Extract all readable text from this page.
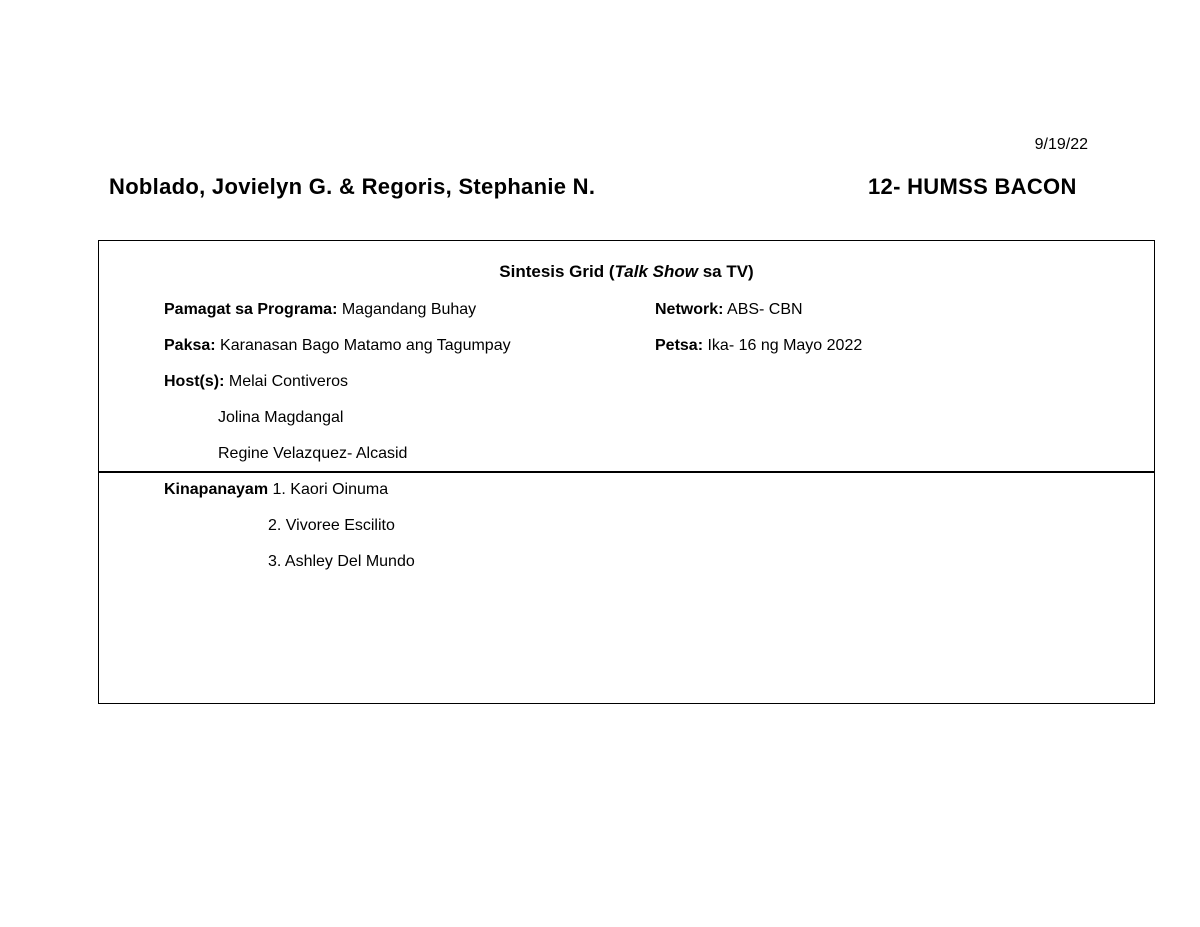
9/19/22
Noblado, Jovielyn G. & Regoris, Stephanie N.	12- HUMSS BACON
Sintesis Grid (Talk Show sa TV)
Pamagat sa Programa: Magandang Buhay	Network: ABS- CBN
Paksa: Karanasan Bago Matamo ang Tagumpay	Petsa: Ika- 16 ng Mayo 2022
Host(s): Melai Contiveros
Jolina Magdangal
Regine Velazquez- Alcasid
Kinapanayam 1. Kaori Oinuma
2. Vivoree Escilito
3. Ashley Del Mundo
